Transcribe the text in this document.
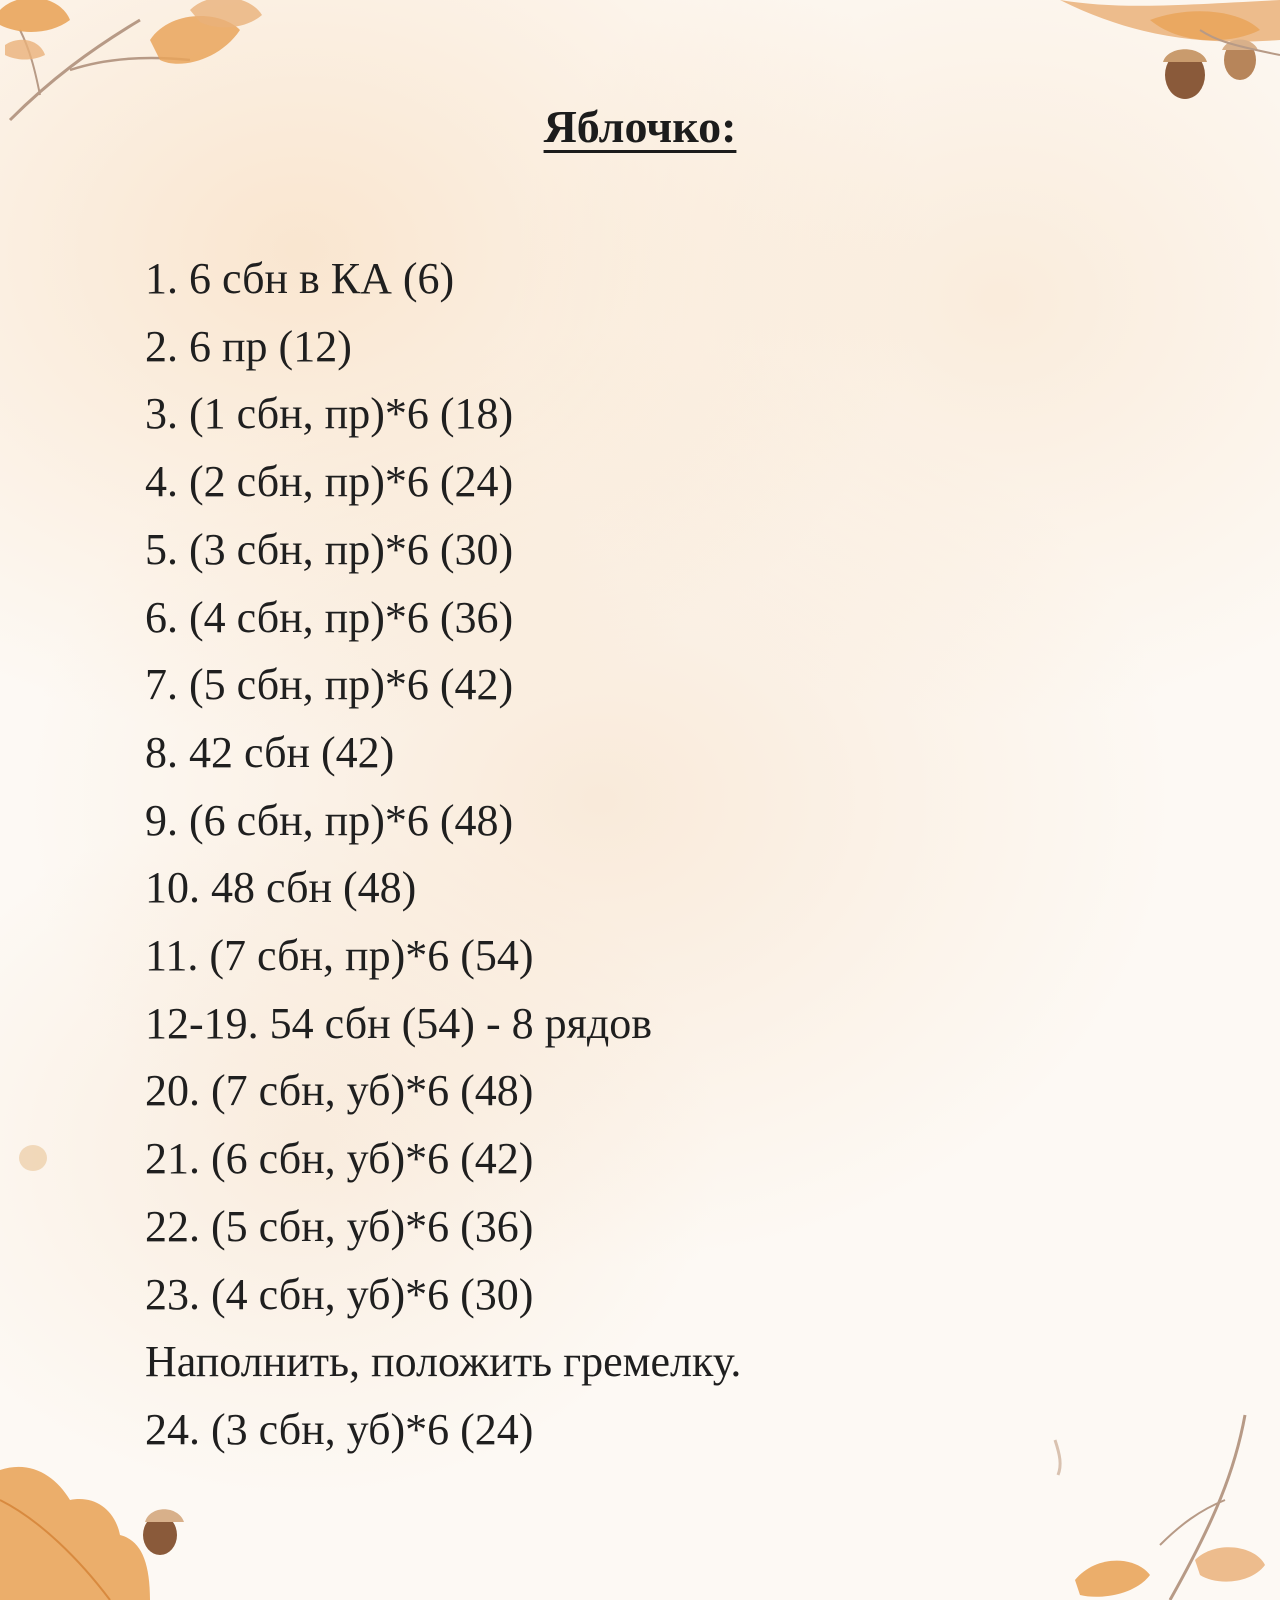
Яблочко:
1. 6 сбн в КА (6)
2. 6 пр (12)
3. (1 сбн, пр)*6 (18)
4. (2 сбн, пр)*6 (24)
5. (3 сбн, пр)*6 (30)
6. (4 сбн, пр)*6 (36)
7. (5 сбн, пр)*6 (42)
8. 42 сбн (42)
9. (6 сбн, пр)*6 (48)
10. 48 сбн (48)
11. (7 сбн, пр)*6 (54)
12-19. 54 сбн (54) - 8 рядов
20. (7 сбн, уб)*6 (48)
21. (6 сбн, уб)*6 (42)
22. (5 сбн, уб)*6 (36)
23. (4 сбн, уб)*6 (30)
Наполнить, положить гремелку.
24. (3 сбн, уб)*6 (24)
